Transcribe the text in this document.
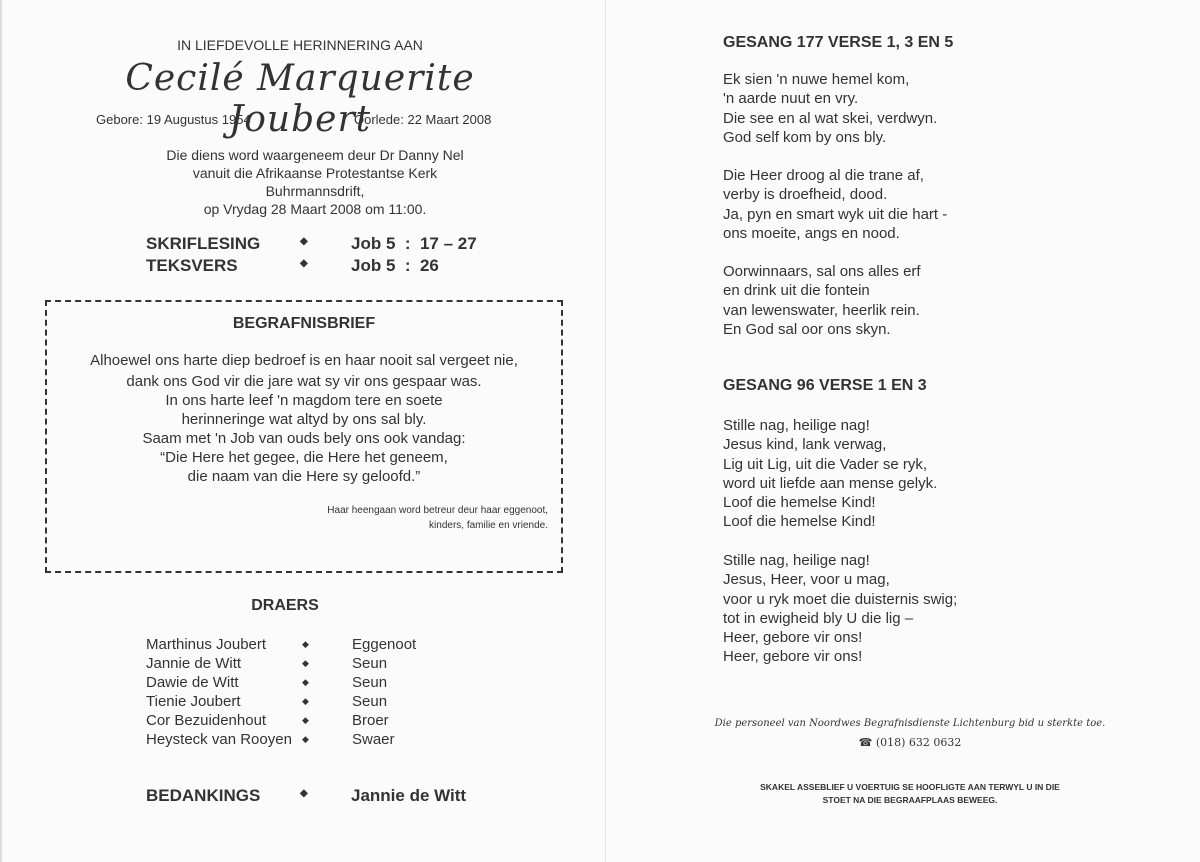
IN LIEFDEVOLLE HERINNERING AAN
Cecilé Marquerite Joubert
Gebore: 19 Augustus 1954	Oorlede: 22 Maart 2008
Die diens word waargeneem deur Dr Danny Nel
vanuit die Afrikaanse Protestantse Kerk Buhrmannsdrift,
op Vrydag 28 Maart 2008 om 11:00.
SKRIFLESING	◆	Job 5  :  17 – 27
TEKSVERS	◆	Job 5  :  26
BEGRAFNISBRIEF
Alhoewel ons harte diep bedroef is en haar nooit sal vergeet nie,
dank ons God vir die jare wat sy vir ons gespaar was.
In ons harte leef 'n magdom tere en soete
herinneringe wat altyd by ons sal bly.
Saam met 'n Job van ouds bely ons ook vandag:
“Die Here het gegee, die Here het geneem,
die naam van die Here sy geloofd.”
Haar heengaan word betreur deur haar eggenoot,
kinders, familie en vriende.
DRAERS
Marthinus Joubert	◆	Eggenoot
Jannie de Witt	◆	Seun
Dawie de Witt	◆	Seun
Tienie Joubert	◆	Seun
Cor Bezuidenhout	◆	Broer
Heysteck van Rooyen	◆	Swaer
BEDANKINGS	◆	Jannie de Witt
GESANG 177 VERSE 1, 3 EN 5
Ek sien 'n nuwe hemel kom,
'n aarde nuut en vry.
Die see en al wat skei, verdwyn.
God self kom by ons bly.
Die Heer droog al die trane af,
verby is droefheid, dood.
Ja, pyn en smart wyk uit die hart -
ons moeite, angs en nood.
Oorwinnaars, sal ons alles erf
en drink uit die fontein
van lewenswater, heerlik rein.
En God sal oor ons skyn.
GESANG 96 VERSE 1 EN 3
Stille nag, heilige nag!
Jesus kind, lank verwag,
Lig uit Lig, uit die Vader se ryk,
word uit liefde aan mense gelyk.
Loof die hemelse Kind!
Loof die hemelse Kind!
Stille nag, heilige nag!
Jesus, Heer, voor u mag,
voor u ryk moet die duisternis swig;
tot in ewigheid bly U die lig –
Heer, gebore vir ons!
Heer, gebore vir ons!
Die personeel van Noordwes Begrafnisdienste Lichtenburg bid u sterkte toe.
☎ (018) 632 0632
SKAKEL ASSEBLIEF U VOERTUIG SE HOOFLIGTE AAN TERWYL U IN DIE
STOET NA DIE BEGRAAFPLAAS BEWEEG.
